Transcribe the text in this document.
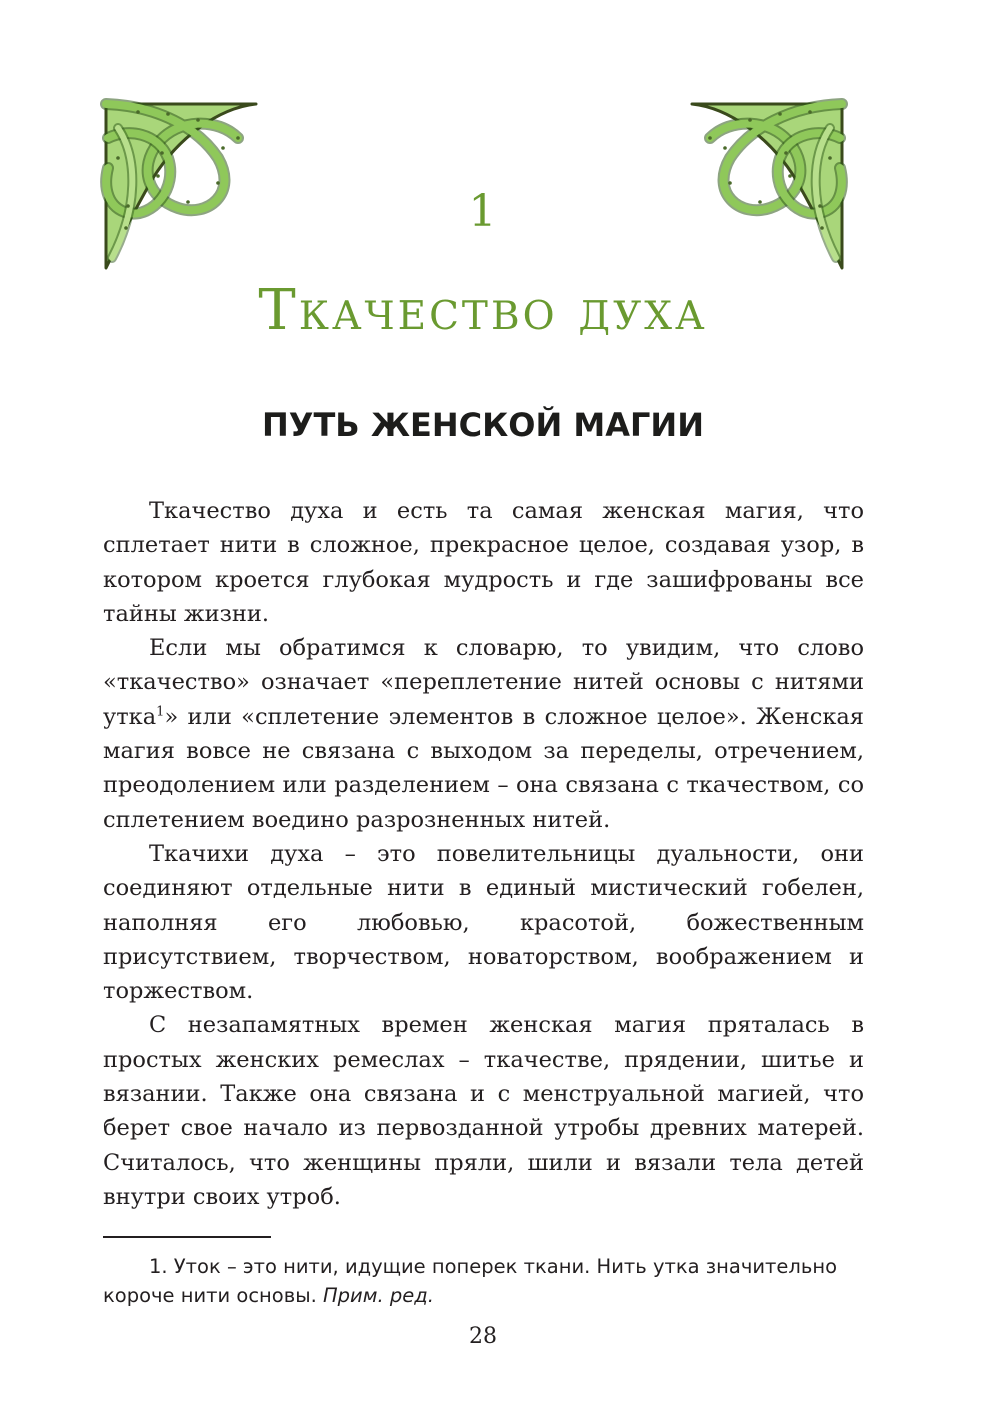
1
Ткачество духа
ПУТЬ ЖЕНСКОЙ МАГИИ

Ткачество духа и есть та самая женская магия, что сплетает нити в сложное, прекрасное целое, создавая узор, в котором кроется глубокая мудрость и где зашифрованы все тайны жизни.

Если мы обратимся к словарю, то увидим, что слово «ткачество» означает «переплетение нитей основы с нитями утка$^1$» или «сплетение элементов в сложное целое». Женская магия вовсе не связана с выходом за переделы, отречением, преодолением или разделением – она связана с ткачеством, со сплетением воедино разрозненных нитей.

Ткачихи духа – это повелительницы дуальности, они соединяют отдельные нити в единый мистический гобелен, наполняя его любовью, красотой, божественным присутствием, творчеством, новаторством, воображением и торжеством.

С незапамятных времен женская магия пряталась в простых женских ремеслах – ткачестве, прядении, шитье и вязании. Также она связана и с менструальной магией, что берет свое начало из первозданной утробы древних матерей. Считалось, что женщины пряли, шили и вязали тела детей внутри своих утроб.

1. Уток – это нити, идущие поперек ткани. Нить утка значительно короче нити основы. Прим. ред.
28
